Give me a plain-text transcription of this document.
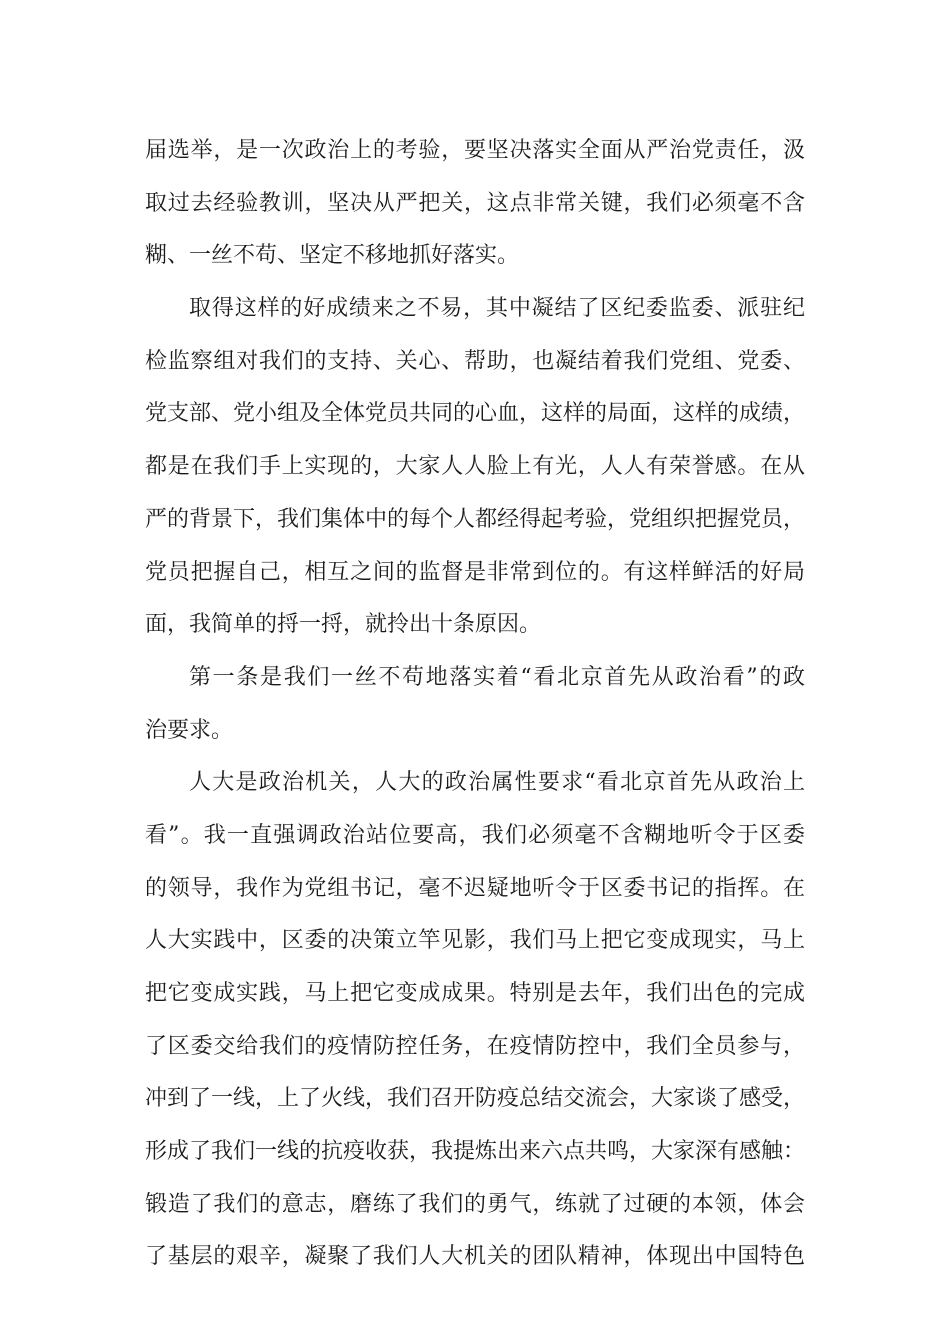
届选举，是一次政治上的考验，要坚决落实全面从严治党责任，汲
取过去经验教训，坚决从严把关，这点非常关键，我们必须毫不含
糊、一丝不苟、坚定不移地抓好落实。
取得这样的好成绩来之不易，其中凝结了区纪委监委、派驻纪
检监察组对我们的支持、关心、帮助，也凝结着我们党组、党委、
党支部、党小组及全体党员共同的心血，这样的局面，这样的成绩，
都是在我们手上实现的，大家人人脸上有光，人人有荣誉感。在从
严的背景下，我们集体中的每个人都经得起考验，党组织把握党员，
党员把握自己，相互之间的监督是非常到位的。有这样鲜活的好局
面，我简单的捋一捋，就拎出十条原因。
第一条是我们一丝不苟地落实着“看北京首先从政治看”的政
治要求。
人大是政治机关，人大的政治属性要求“看北京首先从政治上
看”。我一直强调政治站位要高，我们必须毫不含糊地听令于区委
的领导，我作为党组书记，毫不迟疑地听令于区委书记的指挥。在
人大实践中，区委的决策立竿见影，我们马上把它变成现实，马上
把它变成实践，马上把它变成成果。特别是去年，我们出色的完成
了区委交给我们的疫情防控任务，在疫情防控中，我们全员参与，
冲到了一线，上了火线，我们召开防疫总结交流会，大家谈了感受，
形成了我们一线的抗疫收获，我提炼出来六点共鸣，大家深有感触：
锻造了我们的意志，磨练了我们的勇气，练就了过硬的本领，体会
了基层的艰辛，凝聚了我们人大机关的团队精神，体现出中国特色
